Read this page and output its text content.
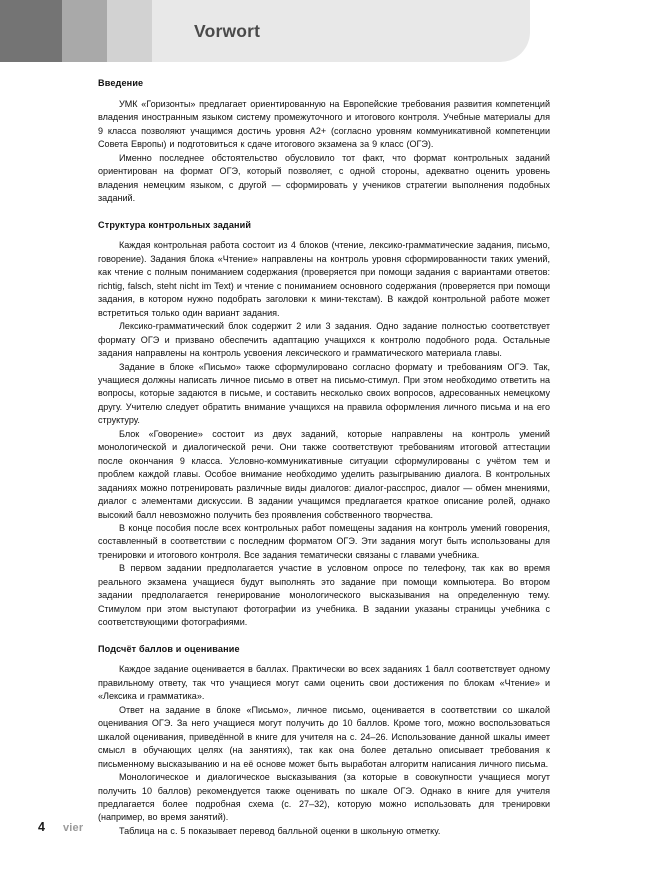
Vorwort
Введение

УМК «Горизонты» предлагает ориентированную на Европейские требования развития компетенций владения иностранным языком систему промежуточного и итогового контроля. Учебные материалы для 9 класса позволяют учащимся достичь уровня A2+ (согласно уровням коммуникативной компетенции Совета Европы) и подготовиться к сдаче итогового экзамена за 9 класс (ОГЭ).

Именно последнее обстоятельство обусловило тот факт, что формат контрольных заданий ориентирован на формат ОГЭ, который позволяет, с одной стороны, адекватно оценить уровень владения немецким языком, с другой — сформировать у учеников стратегии выполнения подобных заданий.

Структура контрольных заданий

Каждая контрольная работа состоит из 4 блоков (чтение, лексико-грамматические задания, письмо, говорение). Задания блока «Чтение» направлены на контроль уровня сформированности таких умений, как чтение с полным пониманием содержания (проверяется при помощи задания с вариантами ответов: richtig, falsch, steht nicht im Text) и чтение с пониманием основного содержания (проверяется при помощи задания, в котором нужно подобрать заголовки к мини-текстам). В каждой контрольной работе может встретиться только один вариант задания.

Лексико-грамматический блок содержит 2 или 3 задания. Одно задание полностью соответствует формату ОГЭ и призвано обеспечить адаптацию учащихся к контролю подобного рода. Остальные задания направлены на контроль усвоения лексического и грамматического материала главы.

Задание в блоке «Письмо» также сформулировано согласно формату и требованиям ОГЭ. Так, учащиеся должны написать личное письмо в ответ на письмо-стимул. При этом необходимо ответить на вопросы, которые задаются в письме, и составить несколько своих вопросов, адресованных немецкому другу. Учителю следует обратить внимание учащихся на правила оформления личного письма и на его структуру.

Блок «Говорение» состоит из двух заданий, которые направлены на контроль умений монологической и диалогической речи. Они также соответствуют требованиям итоговой аттестации после окончания 9 класса. Условно-коммуникативные ситуации сформулированы с учётом тем и проблем каждой главы. Особое внимание необходимо уделить разыгрыванию диалога. В контрольных заданиях можно потренировать различные виды диалогов: диалог-расспрос, диалог — обмен мнениями, диалог с элементами дискуссии. В задании учащимся предлагается краткое описание ролей, однако высокий балл невозможно получить без проявления собственного творчества.

В конце пособия после всех контрольных работ помещены задания на контроль умений говорения, составленный в соответствии с последним форматом ОГЭ. Эти задания могут быть использованы для тренировки и итогового контроля. Все задания тематически связаны с главами учебника.

В первом задании предполагается участие в условном опросе по телефону, так как во время реального экзамена учащиеся будут выполнять это задание при помощи компьютера. Во втором задании предполагается генерирование монологического высказывания на определенную тему. Стимулом при этом выступают фотографии из учебника. В задании указаны страницы учебника с соответствующими фотографиями.

Подсчёт баллов и оценивание

Каждое задание оценивается в баллах. Практически во всех заданиях 1 балл соответствует одному правильному ответу, так что учащиеся могут сами оценить свои достижения по блокам «Чтение» и «Лексика и грамматика».

Ответ на задание в блоке «Письмо», личное письмо, оценивается в соответствии со шкалой оценивания ОГЭ. За него учащиеся могут получить до 10 баллов. Кроме того, можно воспользоваться шкалой оценивания, приведённой в книге для учителя на с. 24–26. Использование данной шкалы имеет смысл в обучающих целях (на занятиях), так как она более детально описывает требования к письменному высказыванию и на её основе может быть выработан алгоритм написания личного письма.

Монологическое и диалогическое высказывания (за которые в совокупности учащиеся могут получить 10 баллов) рекомендуется также оценивать по шкале ОГЭ. Однако в книге для учителя предлагается более подробная схема (с. 27–32), которую можно использовать для тренировки (например, во время занятий).

Таблица на с. 5 показывает перевод балльной оценки в школьную отметку.

4 vier
